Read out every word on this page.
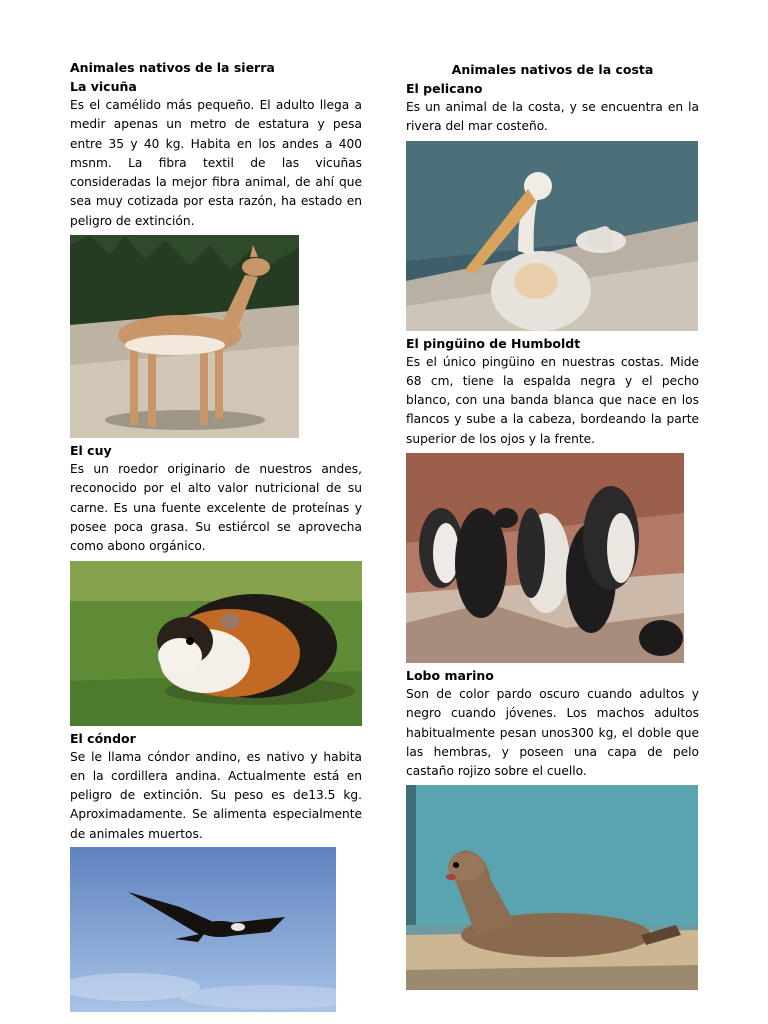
Animales nativos de la sierra

La vicuña

Es el camélido más pequeño. El adulto llega a medir apenas un metro de estatura y pesa entre 35 y 40 kg. Habita en los andes a 400 msnm. La fibra textil de las vicuñas consideradas la mejor fibra animal, de ahí que sea muy cotizada por esta razón, ha estado en peligro de extinción.

El cuy

Es un roedor originario de nuestros andes, reconocido por el alto valor nutricional de su carne. Es una fuente excelente de proteínas y posee poca grasa. Su estiércol se aprovecha como abono orgánico.

El cóndor

Se le llama cóndor andino, es nativo y habita en la cordillera andina. Actualmente está en peligro de extinción. Su peso es de13.5 kg. Aproximadamente. Se alimenta especialmente de animales muertos.

Animales nativos de la costa

El pelicano

Es un animal de la costa, y se encuentra en la rivera del mar costeño.

El pingüino de Humboldt

Es el único pingüino en nuestras costas. Mide 68 cm, tiene la espalda negra y el pecho blanco, con una banda blanca que nace en los flancos y sube a la cabeza, bordeando la parte superior de los ojos y la frente.

Lobo marino

Son de color pardo oscuro cuando adultos y negro cuando jóvenes. Los machos adultos habitualmente pesan unos300 kg, el doble que las hembras, y poseen una capa de pelo castaño rojizo sobre el cuello.
